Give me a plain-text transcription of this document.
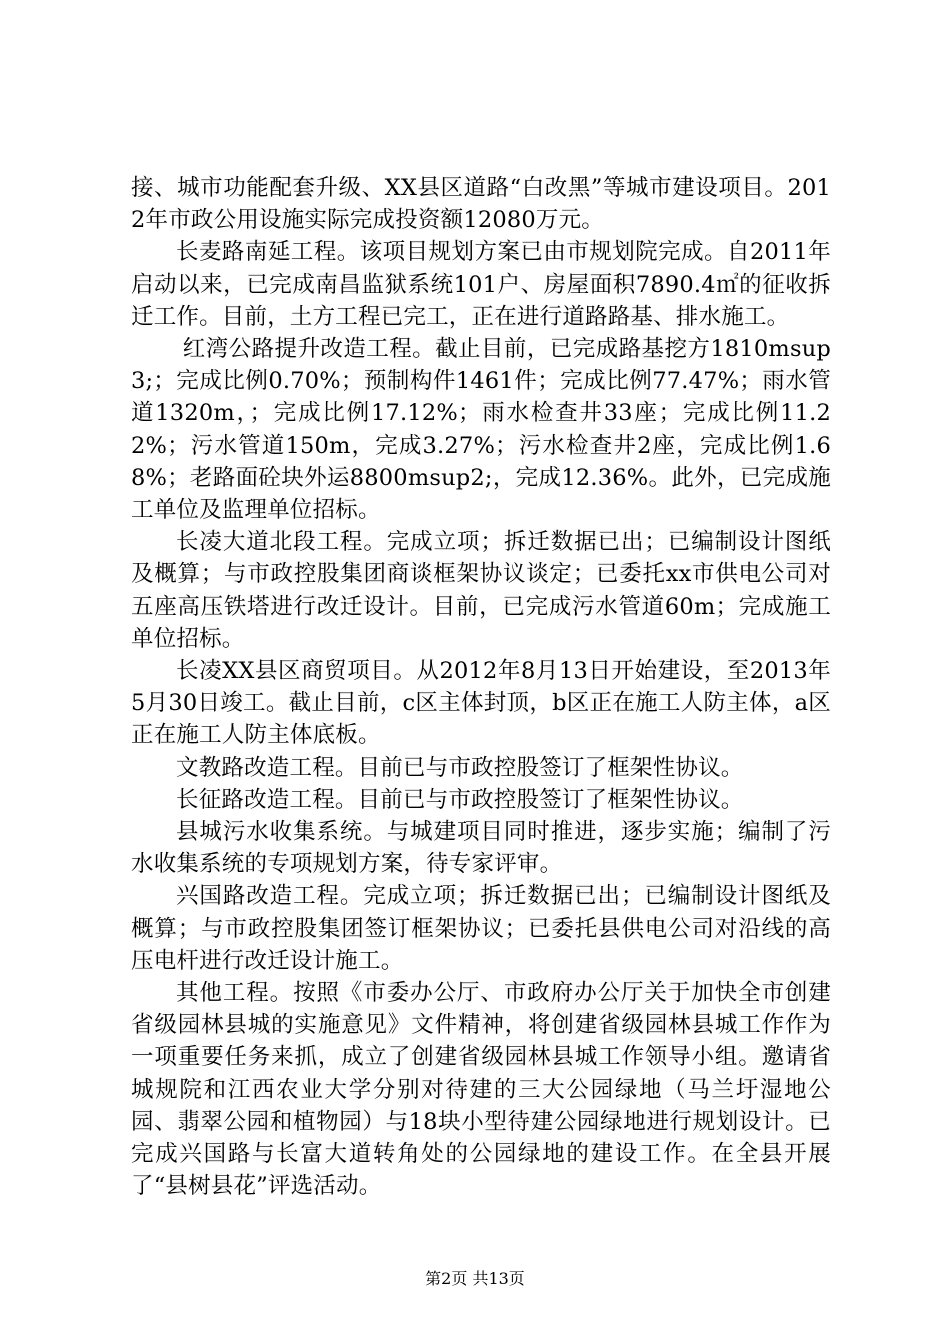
接、城市功能配套升级、XX县区道路“白改黑”等城市建设项目。2012年市政公用设施实际完成投资额12080万元。

长麦路南延工程。该项目规划方案已由市规划院完成。自2011年启动以来，已完成南昌监狱系统101户、房屋面积7890.4㎡的征收拆迁工作。目前，土方工程已完工，正在进行道路路基、排水施工。

红湾公路提升改造工程。截止目前，已完成路基挖方1810msup3;；完成比例0.70%；预制构件1461件；完成比例77.47%；雨水管道1320m，；完成比例17.12%；雨水检查井33座；完成比例11.22%；污水管道150m，完成3.27%；污水检查井2座，完成比例1.68%；老路面砼块外运8800msup2;，完成12.36%。此外，已完成施工单位及监理单位招标。

长凌大道北段工程。完成立项；拆迁数据已出；已编制设计图纸及概算；与市政控股集团商谈框架协议谈定；已委托xx市供电公司对五座高压铁塔进行改迁设计。目前，已完成污水管道60m；完成施工单位招标。

长凌XX县区商贸项目。从2012年8月13日开始建设，至2013年5月30日竣工。截止目前，c区主体封顶，b区正在施工人防主体，a区正在施工人防主体底板。

文教路改造工程。目前已与市政控股签订了框架性协议。

长征路改造工程。目前已与市政控股签订了框架性协议。

县城污水收集系统。与城建项目同时推进，逐步实施；编制了污水收集系统的专项规划方案，待专家评审。

兴国路改造工程。完成立项；拆迁数据已出；已编制设计图纸及概算；与市政控股集团签订框架协议；已委托县供电公司对沿线的高压电杆进行改迁设计施工。

其他工程。按照《市委办公厅、市政府办公厅关于加快全市创建省级园林县城的实施意见》文件精神，将创建省级园林县城工作作为一项重要任务来抓，成立了创建省级园林县城工作领导小组。邀请省城规院和江西农业大学分别对待建的三大公园绿地（马兰圩湿地公园、翡翠公园和植物园）与18块小型待建公园绿地进行规划设计。已完成兴国路与长富大道转角处的公园绿地的建设工作。在全县开展了“县树县花”评选活动。

第2页 共13页
